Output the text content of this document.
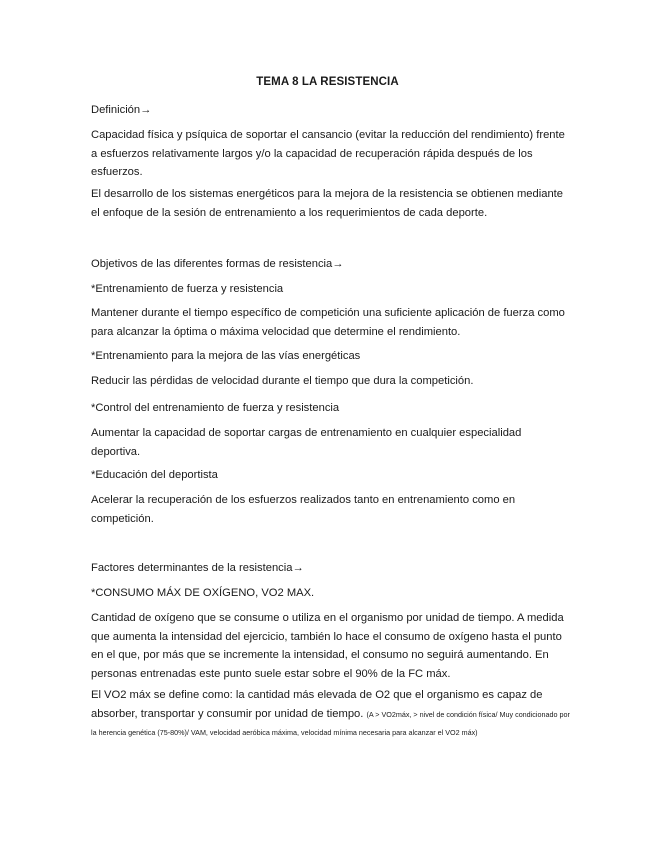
TEMA 8 LA RESISTENCIA

Definición→

Capacidad física y psíquica de soportar el cansancio (evitar la reducción del rendimiento) frente a esfuerzos relativamente largos y/o la capacidad de recuperación rápida después de los esfuerzos.

El desarrollo de los sistemas energéticos para la mejora de la resistencia se obtienen mediante el enfoque de la sesión de entrenamiento a los requerimientos de cada deporte.

Objetivos de las diferentes formas de resistencia→

*Entrenamiento de fuerza y resistencia

Mantener durante el tiempo específico de competición una suficiente aplicación de fuerza como para alcanzar la óptima o máxima velocidad que determine el rendimiento.

*Entrenamiento para la mejora de las vías energéticas

Reducir las pérdidas de velocidad durante el tiempo que dura la competición.

*Control del entrenamiento de fuerza y resistencia

Aumentar la capacidad de soportar cargas de entrenamiento en cualquier especialidad deportiva.

*Educación del deportista

Acelerar la recuperación de los esfuerzos realizados tanto en entrenamiento como en competición.

Factores determinantes de la resistencia→

*CONSUMO MÁX DE OXÍGENO, VO2 MAX.

Cantidad de oxígeno que se consume o utiliza en el organismo por unidad de tiempo. A medida que aumenta la intensidad del ejercicio, también lo hace el consumo de oxígeno hasta el punto en el que, por más que se incremente la intensidad, el consumo no seguirá aumentando. En personas entrenadas este punto suele estar sobre el 90% de la FC máx.

El VO2 máx se define como: la cantidad más elevada de O2 que el organismo es capaz de absorber, transportar y consumir por unidad de tiempo. (A > VO2máx, > nivel de condición física/ Muy condicionado por la herencia genética (75-80%)/ VAM, velocidad aeróbica máxima, velocidad mínima necesaria para alcanzar el VO2 máx)
